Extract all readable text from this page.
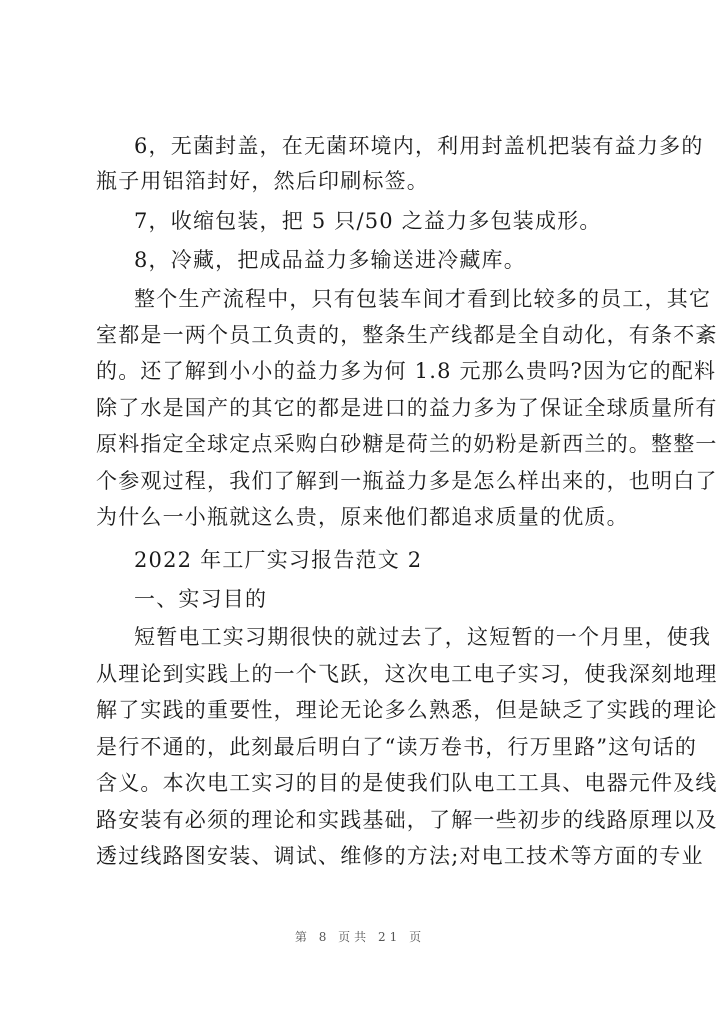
6，无菌封盖，在无菌环境内，利用封盖机把装有益力多的
瓶子用铝箔封好，然后印刷标签。
7，收缩包装，把 5 只/50 之益力多包装成形。
8，冷藏，把成品益力多输送进冷藏库。
整个生产流程中，只有包装车间才看到比较多的员工，其它
室都是一两个员工负责的，整条生产线都是全自动化，有条不紊
的。还了解到小小的益力多为何 1.8 元那么贵吗?因为它的配料
除了水是国产的其它的都是进口的益力多为了保证全球质量所有
原料指定全球定点采购白砂糖是荷兰的奶粉是新西兰的。整整一
个参观过程，我们了解到一瓶益力多是怎么样出来的，也明白了
为什么一小瓶就这么贵，原来他们都追求质量的优质。
2022 年工厂实习报告范文 2
一、实习目的
短暂电工实习期很快的就过去了，这短暂的一个月里，使我
从理论到实践上的一个飞跃，这次电工电子实习，使我深刻地理
解了实践的重要性，理论无论多么熟悉，但是缺乏了实践的理论
是行不通的，此刻最后明白了“读万卷书，行万里路”这句话的
含义。本次电工实习的目的是使我们队电工工具、电器元件及线
路安装有必须的理论和实践基础，了解一些初步的线路原理以及
透过线路图安装、调试、维修的方法;对电工技术等方面的专业
第 8 页共 21 页
